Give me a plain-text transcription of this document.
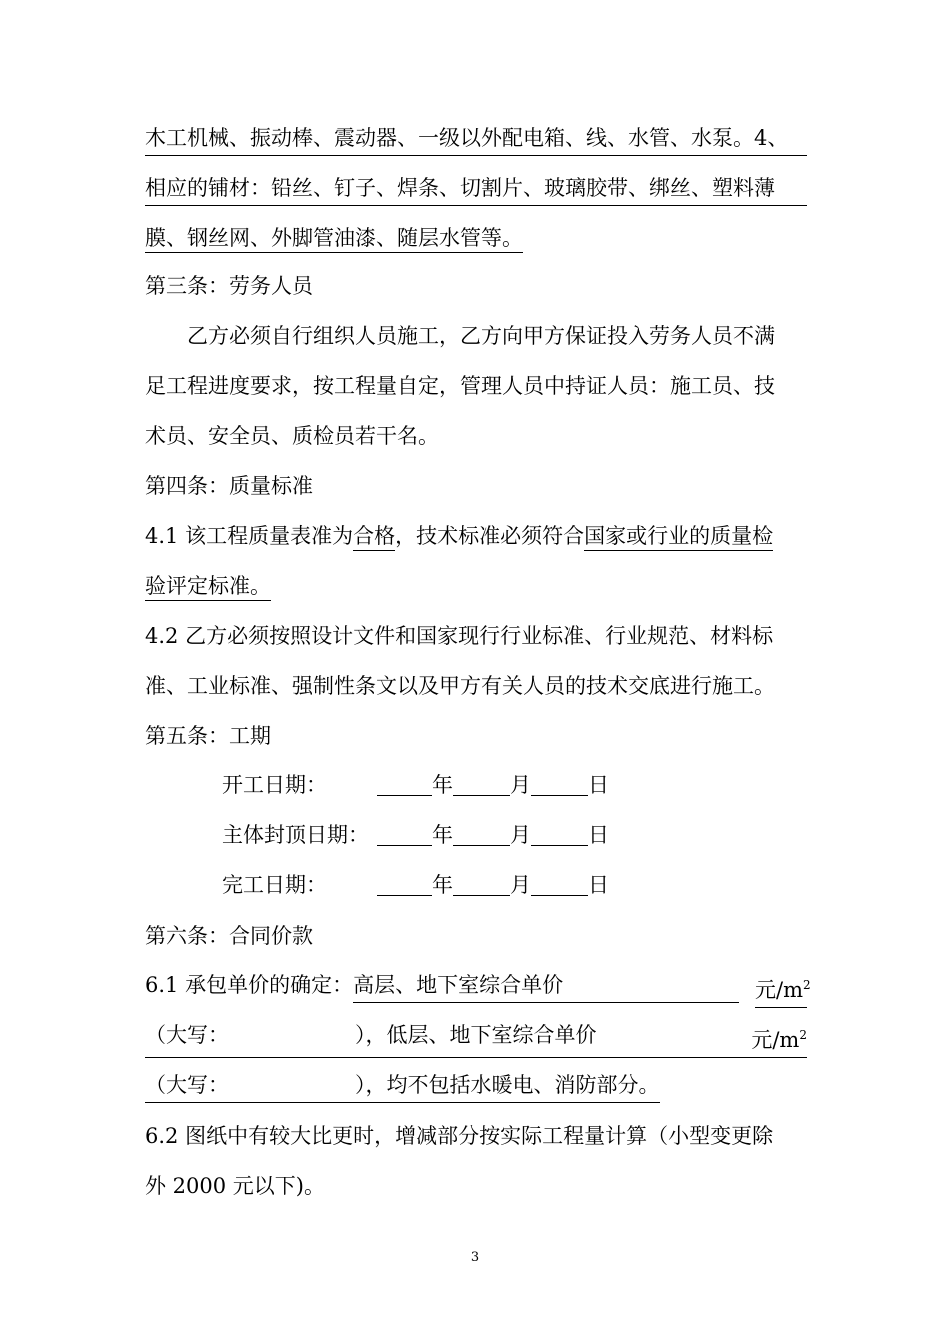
木工机械、振动棒、震动器、一级以外配电箱、线、水管、水泵。4、
相应的铺材：铅丝、钉子、焊条、切割片、玻璃胶带、绑丝、塑料薄
膜、钢丝网、外脚管油漆、随层水管等。
第三条：劳务人员
乙方必须自行组织人员施工，乙方向甲方保证投入劳务人员不满
足工程进度要求，按工程量自定，管理人员中持证人员：施工员、技
术员、安全员、质检员若干名。
第四条：质量标准
4.1 该工程质量表准为合格，技术标准必须符合国家或行业的质量检
验评定标准。
4.2 乙方必须按照设计文件和国家现行行业标准、行业规范、材料标
准、工业标准、强制性条文以及甲方有关人员的技术交底进行施工。
第五条：工期
开工日期：	年	月	日
主体封顶日期：	年	月	日
完工日期：	年	月	日
第六条：合同价款
6.1 承包单价的确定：高层、地下室综合单价	元$/m^2$
（大写：	），低层、地下室综合单价	元$/m^2$
（大写：	），均不包括水暖电、消防部分。
6.2 图纸中有较大比更时，增减部分按实际工程量计算（小型变更除
外 2000 元以下)。
3
